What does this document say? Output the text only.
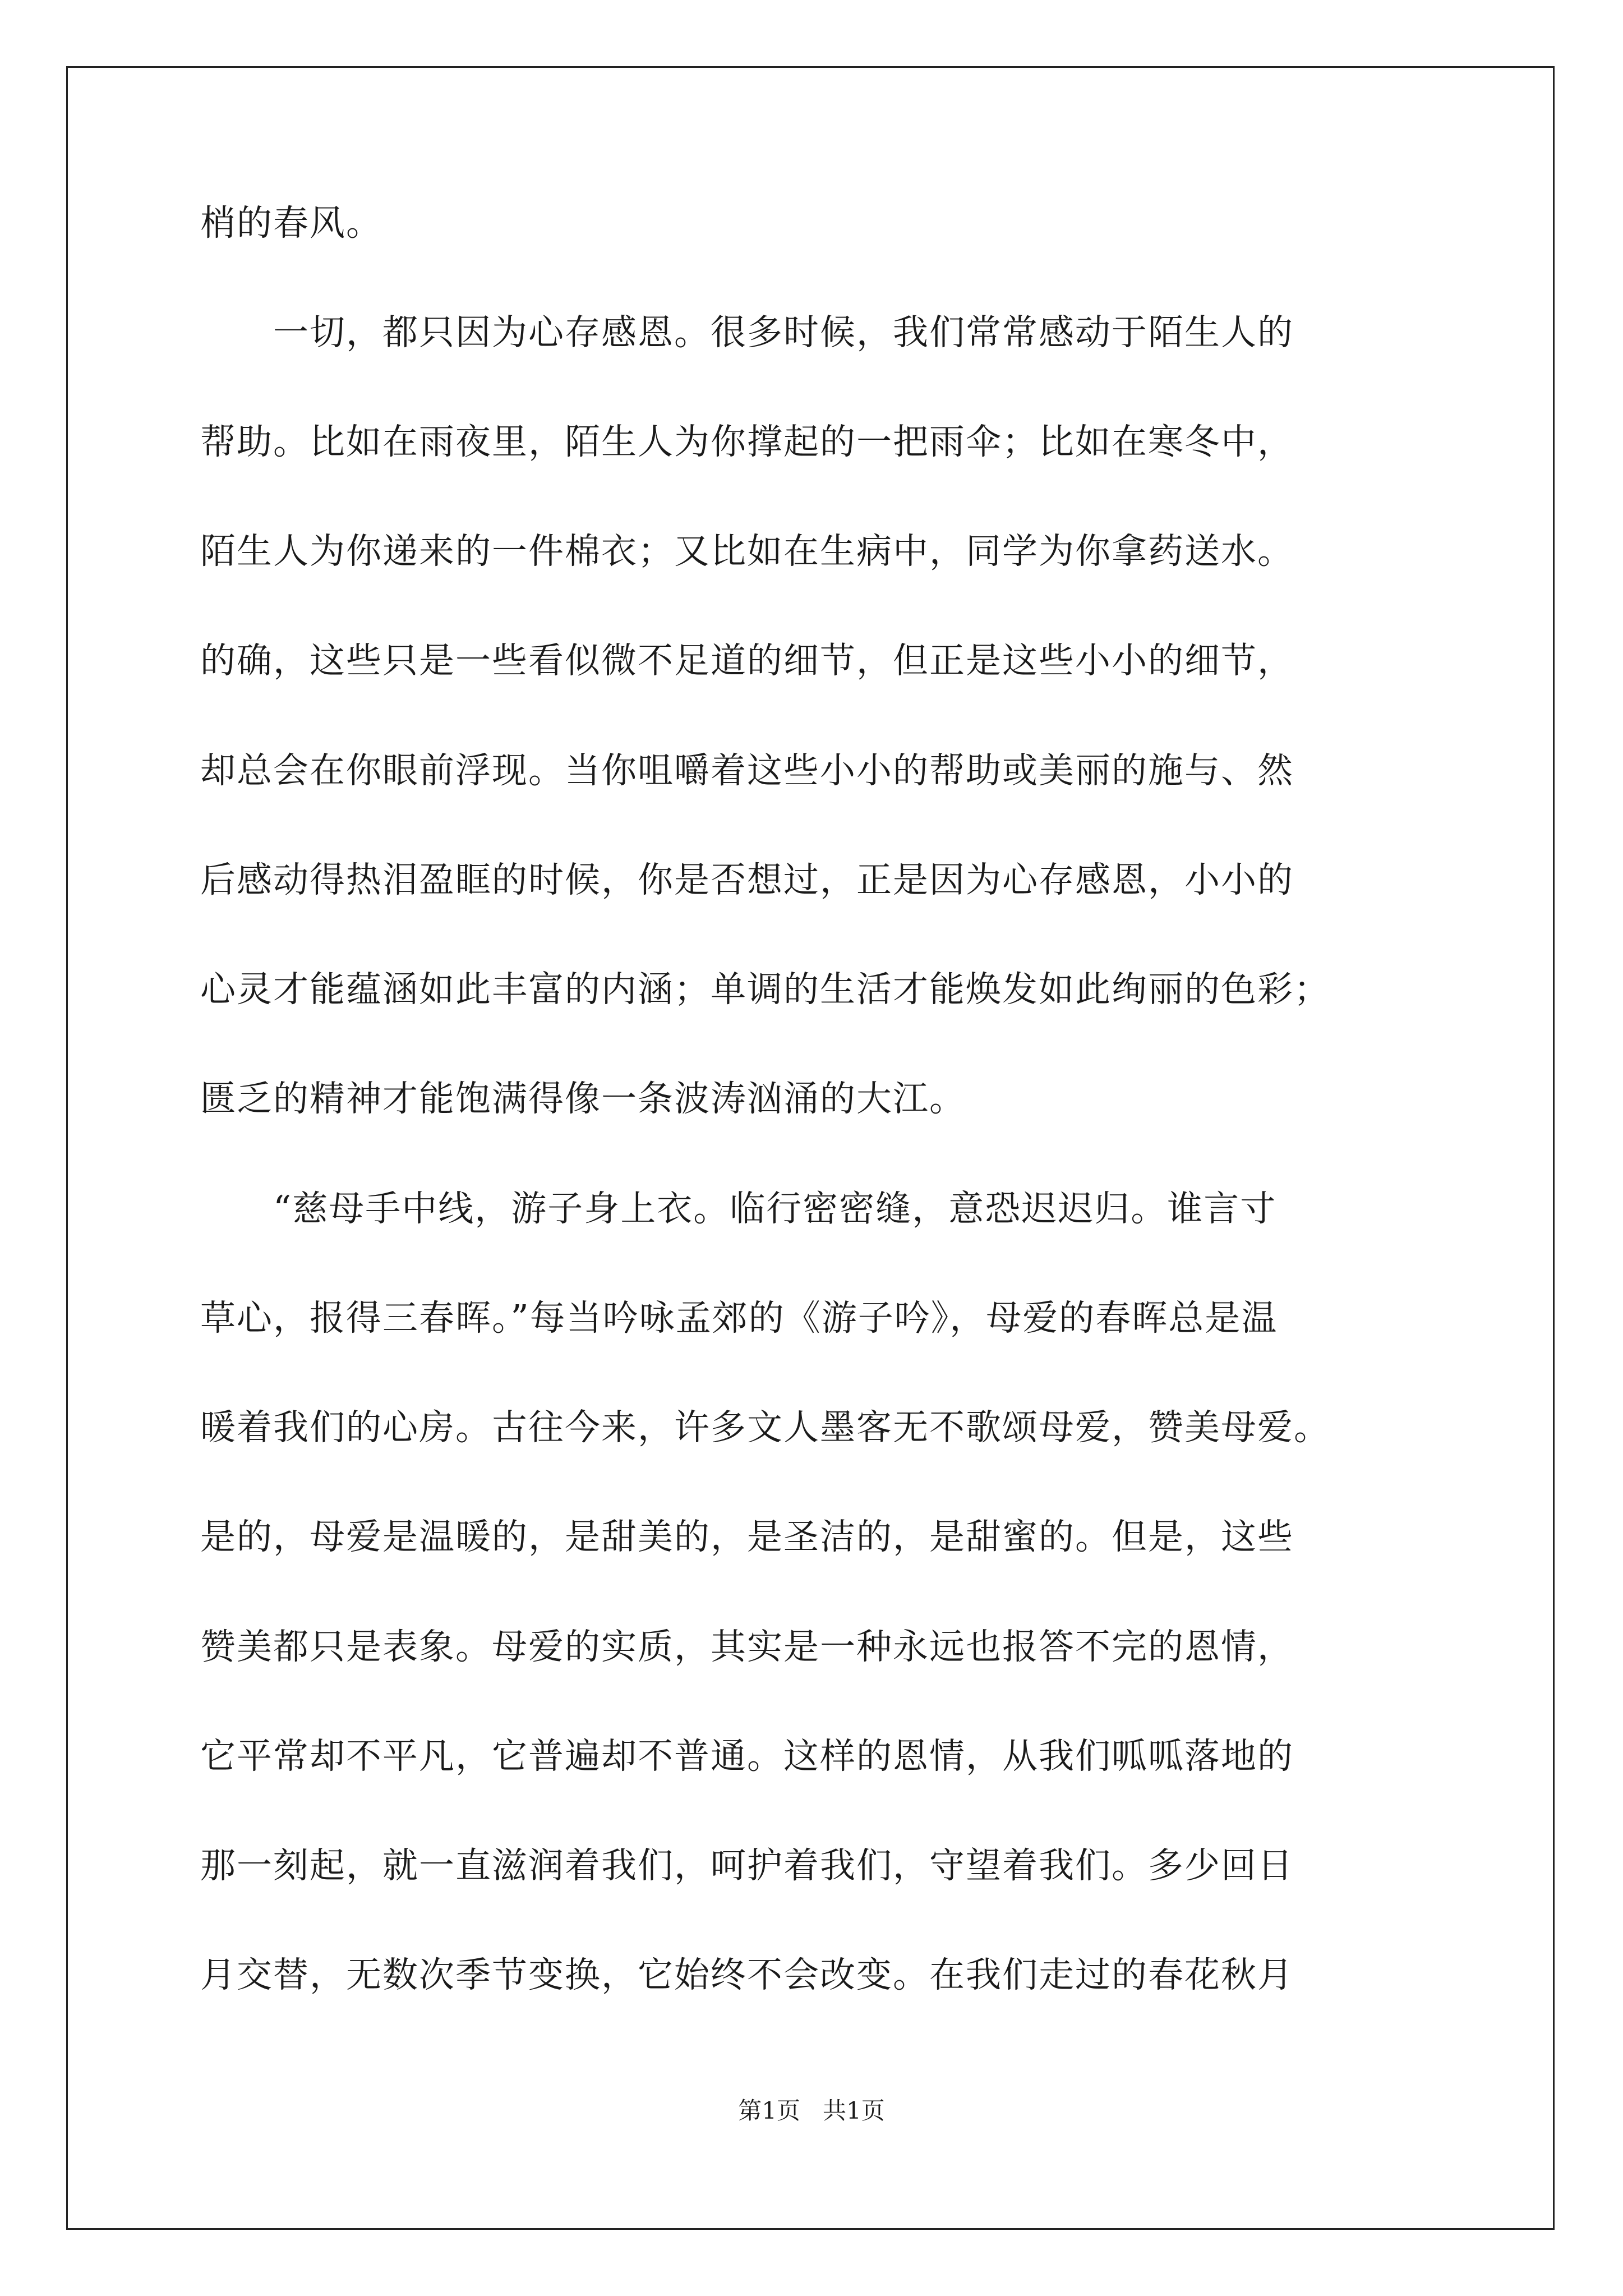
梢的春风。
　　一切，都只因为心存感恩。很多时候，我们常常感动于陌生人的
帮助。比如在雨夜里，陌生人为你撑起的一把雨伞；比如在寒冬中，
陌生人为你递来的一件棉衣；又比如在生病中，同学为你拿药送水。
的确，这些只是一些看似微不足道的细节，但正是这些小小的细节，
却总会在你眼前浮现。当你咀嚼着这些小小的帮助或美丽的施与、然
后感动得热泪盈眶的时候，你是否想过，正是因为心存感恩，小小的
心灵才能蕴涵如此丰富的内涵；单调的生活才能焕发如此绚丽的色彩；
匮乏的精神才能饱满得像一条波涛汹涌的大江。
　　“慈母手中线，游子身上衣。临行密密缝，意恐迟迟归。谁言寸
草心，报得三春晖。”每当吟咏孟郊的《游子吟》，母爱的春晖总是温
暖着我们的心房。古往今来，许多文人墨客无不歌颂母爱，赞美母爱。
是的，母爱是温暖的，是甜美的，是圣洁的，是甜蜜的。但是，这些
赞美都只是表象。母爱的实质，其实是一种永远也报答不完的恩情，
它平常却不平凡，它普遍却不普通。这样的恩情，从我们呱呱落地的
那一刻起，就一直滋润着我们，呵护着我们，守望着我们。多少回日
月交替，无数次季节变换，它始终不会改变。在我们走过的春花秋月
第1页 共1页
